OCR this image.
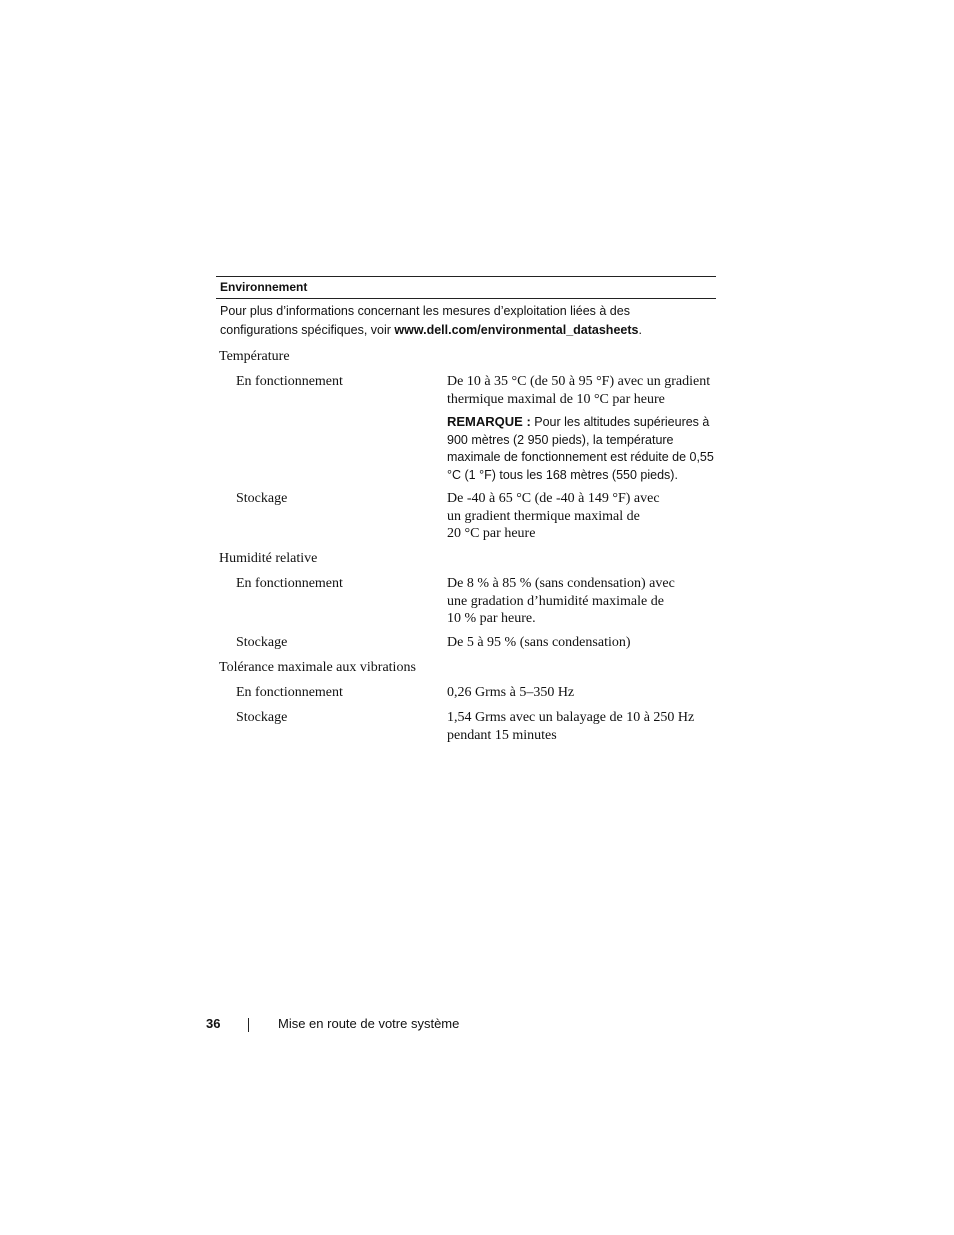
Environnement
Pour plus d’informations concernant les mesures d’exploitation liées à des configurations spécifiques, voir www.dell.com/environmental_datasheets.
Température
En fonctionnement	De 10 à 35 °C (de 50 à 95 °F) avec un gradient thermique maximal de 10 °C par heure
REMARQUE : Pour les altitudes supérieures à 900 mètres (2 950 pieds), la température maximale de fonctionnement est réduite de 0,55 °C (1 °F) tous les 168 mètres (550 pieds).
Stockage	De -40 à 65 °C (de -40 à 149 °F) avec
un gradient thermique maximal de
20 °C par heure
Humidité relative
En fonctionnement	De 8 % à 85 % (sans condensation) avec
une gradation d’humidité maximale de
10 % par heure.
Stockage	De 5 à 95 % (sans condensation)
Tolérance maximale aux vibrations
En fonctionnement	0,26 Grms à 5–350 Hz
Stockage	1,54 Grms avec un balayage de 10 à 250 Hz
pendant 15 minutes
36	Mise en route de votre système
